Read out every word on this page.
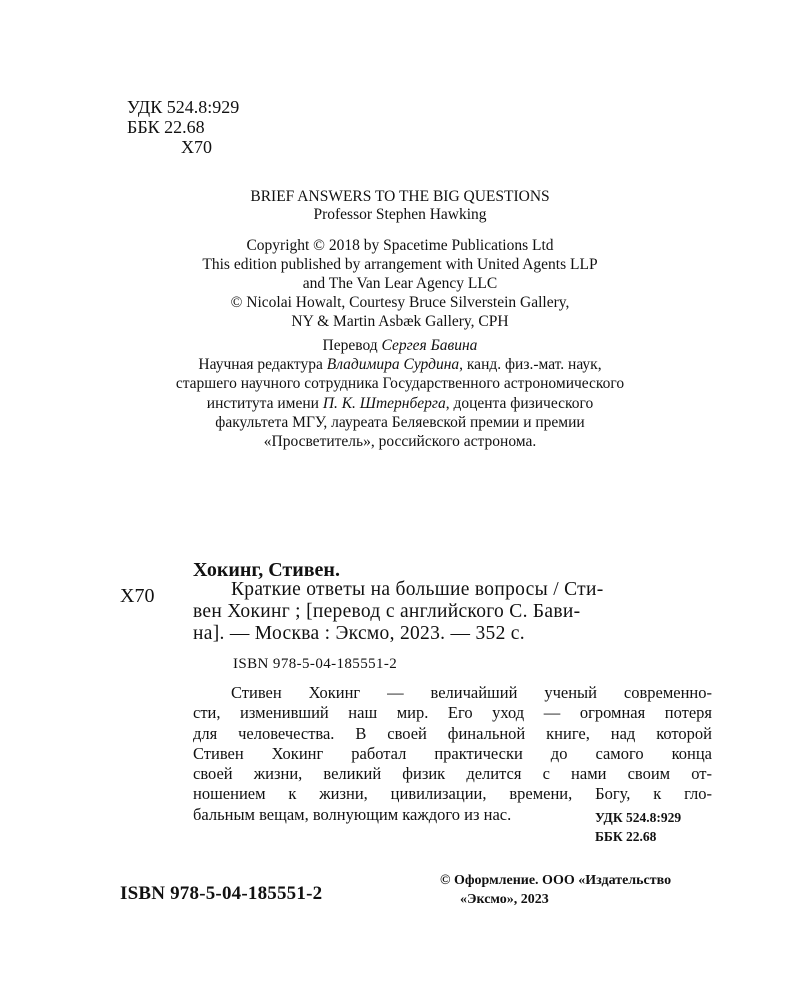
УДК 524.8:929
ББК 22.68
Х70
BRIEF ANSWERS TO THE BIG QUESTIONS
Professor Stephen Hawking
Copyright © 2018 by Spacetime Publications Ltd
This edition published by arrangement with United Agents LLP
and The Van Lear Agency LLC
© Nicolai Howalt, Courtesy Bruce Silverstein Gallery,
NY & Martin Asbæk Gallery, CPH
Перевод Сергея Бавина
Научная редактура Владимира Сурдина, канд. физ.-мат. наук,
старшего научного сотрудника Государственного астрономического
института имени П. К. Штернберга, доцента физического
факультета МГУ, лауреата Беляевской премии и премии
«Просветитель», российского астронома.
Хокинг, Стивен.
Х70	Краткие ответы на большие вопросы / Сти-
вен Хокинг ; [перевод с английского С. Бави-
на]. — Москва : Эксмо, 2023. — 352 с.
ISBN 978-5-04-185551-2
Стивен Хокинг — величайший ученый современно-
сти, изменивший наш мир. Его уход — огромная потеря
для человечества. В своей финальной книге, над которой
Стивен Хокинг работал практически до самого конца
своей жизни, великий физик делится с нами своим от-
ношением к жизни, цивилизации, времени, Богу, к гло-
бальным вещам, волнующим каждого из нас.	УДК 524.8:929
ББК 22.68
ISBN 978-5-04-185551-2
© Оформление. ООО «Издательство
«Эксмо», 2023
